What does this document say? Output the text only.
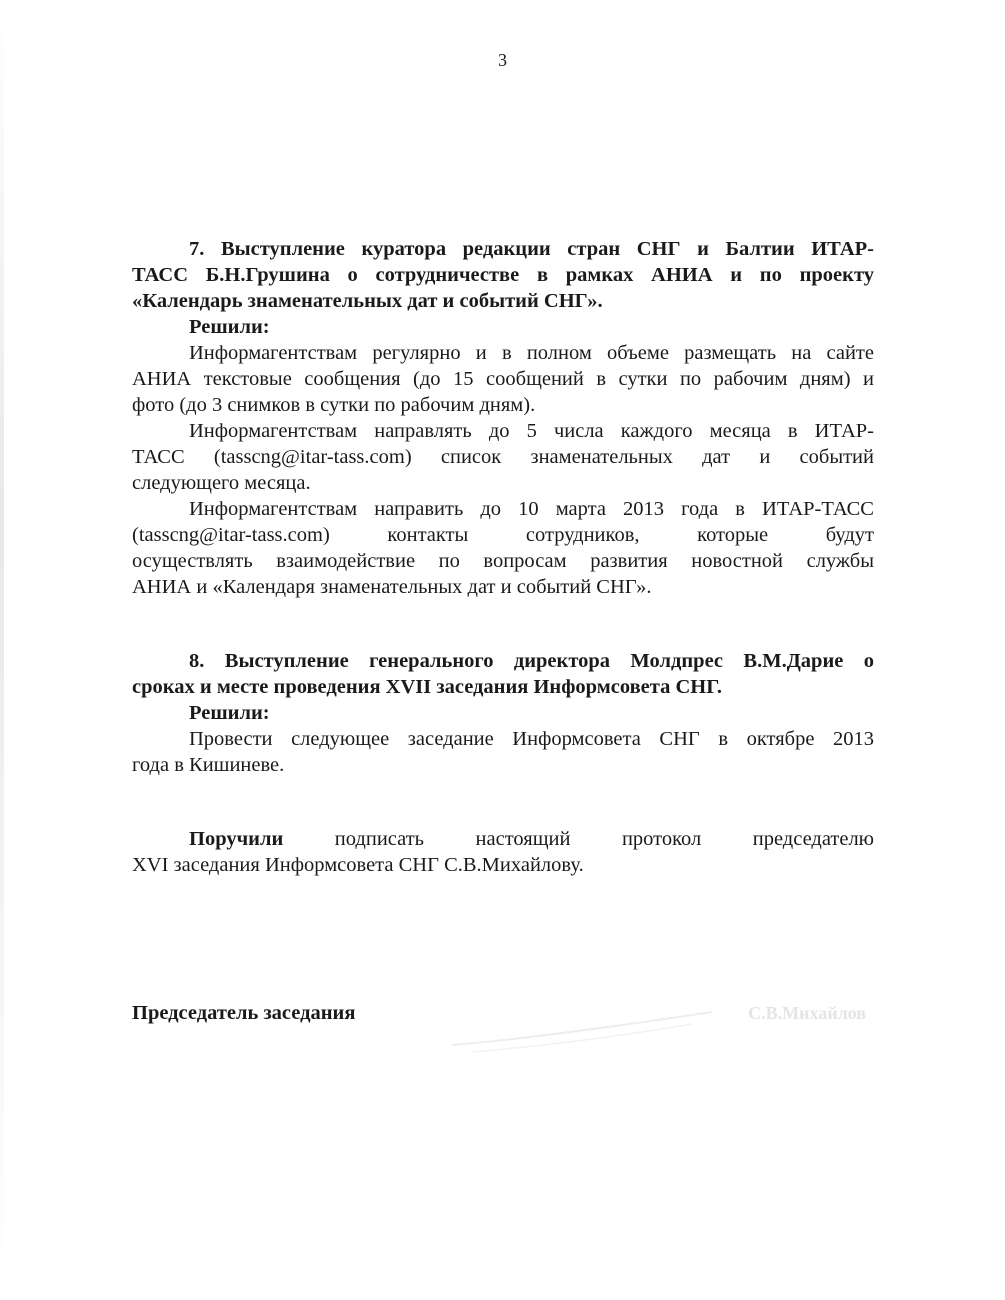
3

7. Выступление куратора редакции стран СНГ и Балтии ИТАР-

ТАСС Б.Н.Грушина о сотрудничестве в рамках АНИА и по проекту

«Календарь знаменательных дат и событий СНГ».

Решили:

Информагентствам регулярно и в полном объеме размещать на сайте

АНИА текстовые сообщения (до 15 сообщений в сутки по рабочим дням) и

фото (до 3 снимков в сутки по рабочим дням).

Информагентствам направлять до 5 числа каждого месяца в ИТАР-

ТАСС (tasscng@itar-tass.com) список знаменательных дат и событий

следующего месяца.

Информагентствам направить до 10 марта 2013 года в ИТАР-ТАСС

(tasscng@itar-tass.com) контакты сотрудников, которые будут

осуществлять взаимодействие по вопросам развития новостной службы

АНИА и «Календаря знаменательных дат и событий СНГ».

8. Выступление генерального директора Молдпрес В.М.Дарие о

сроках и месте проведения XVII заседания Информсовета СНГ.

Решили:

Провести следующее заседание Информсовета СНГ в октябре 2013

года в Кишиневе.

Поручили	подписать настоящий протокол председателю

XVI заседания Информсовета СНГ С.В.Михайлову.

Председатель заседания	С.В.Михайлов
